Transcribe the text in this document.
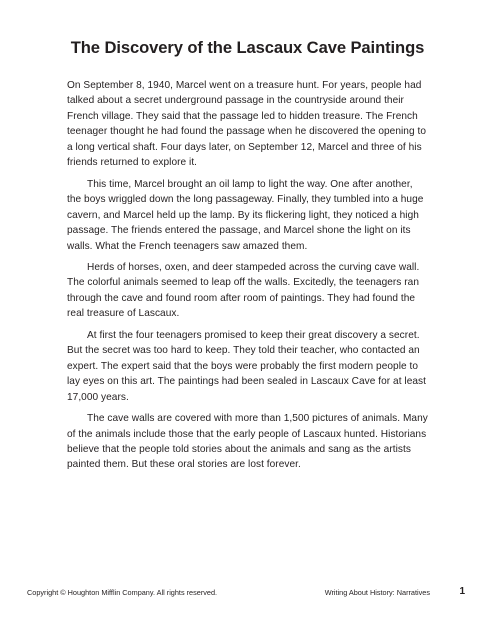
The Discovery of the Lascaux Cave Paintings

On September 8, 1940, Marcel went on a treasure hunt. For years, people had talked about a secret underground passage in the countryside around their French village. They said that the passage led to hidden treasure. The French teenager thought he had found the passage when he discovered the opening to a long vertical shaft. Four days later, on September 12, Marcel and three of his friends returned to explore it.

This time, Marcel brought an oil lamp to light the way. One after another, the boys wriggled down the long passageway. Finally, they tumbled into a huge cavern, and Marcel held up the lamp. By its flickering light, they noticed a high passage. The friends entered the passage, and Marcel shone the light on its walls. What the French teenagers saw amazed them.

Herds of horses, oxen, and deer stampeded across the curving cave wall. The colorful animals seemed to leap off the walls. Excitedly, the teenagers ran through the cave and found room after room of paintings. They had found the real treasure of Lascaux.

At first the four teenagers promised to keep their great discovery a secret. But the secret was too hard to keep. They told their teacher, who contacted an expert. The expert said that the boys were probably the first modern people to lay eyes on this art. The paintings had been sealed in Lascaux Cave for at least 17,000 years.

The cave walls are covered with more than 1,500 pictures of animals. Many of the animals include those that the early people of Lascaux hunted. Historians believe that the people told stories about the animals and sang as the artists painted them. But these oral stories are lost forever.

Copyright © Houghton Mifflin Company. All rights reserved.	Writing About History: Narratives	1
